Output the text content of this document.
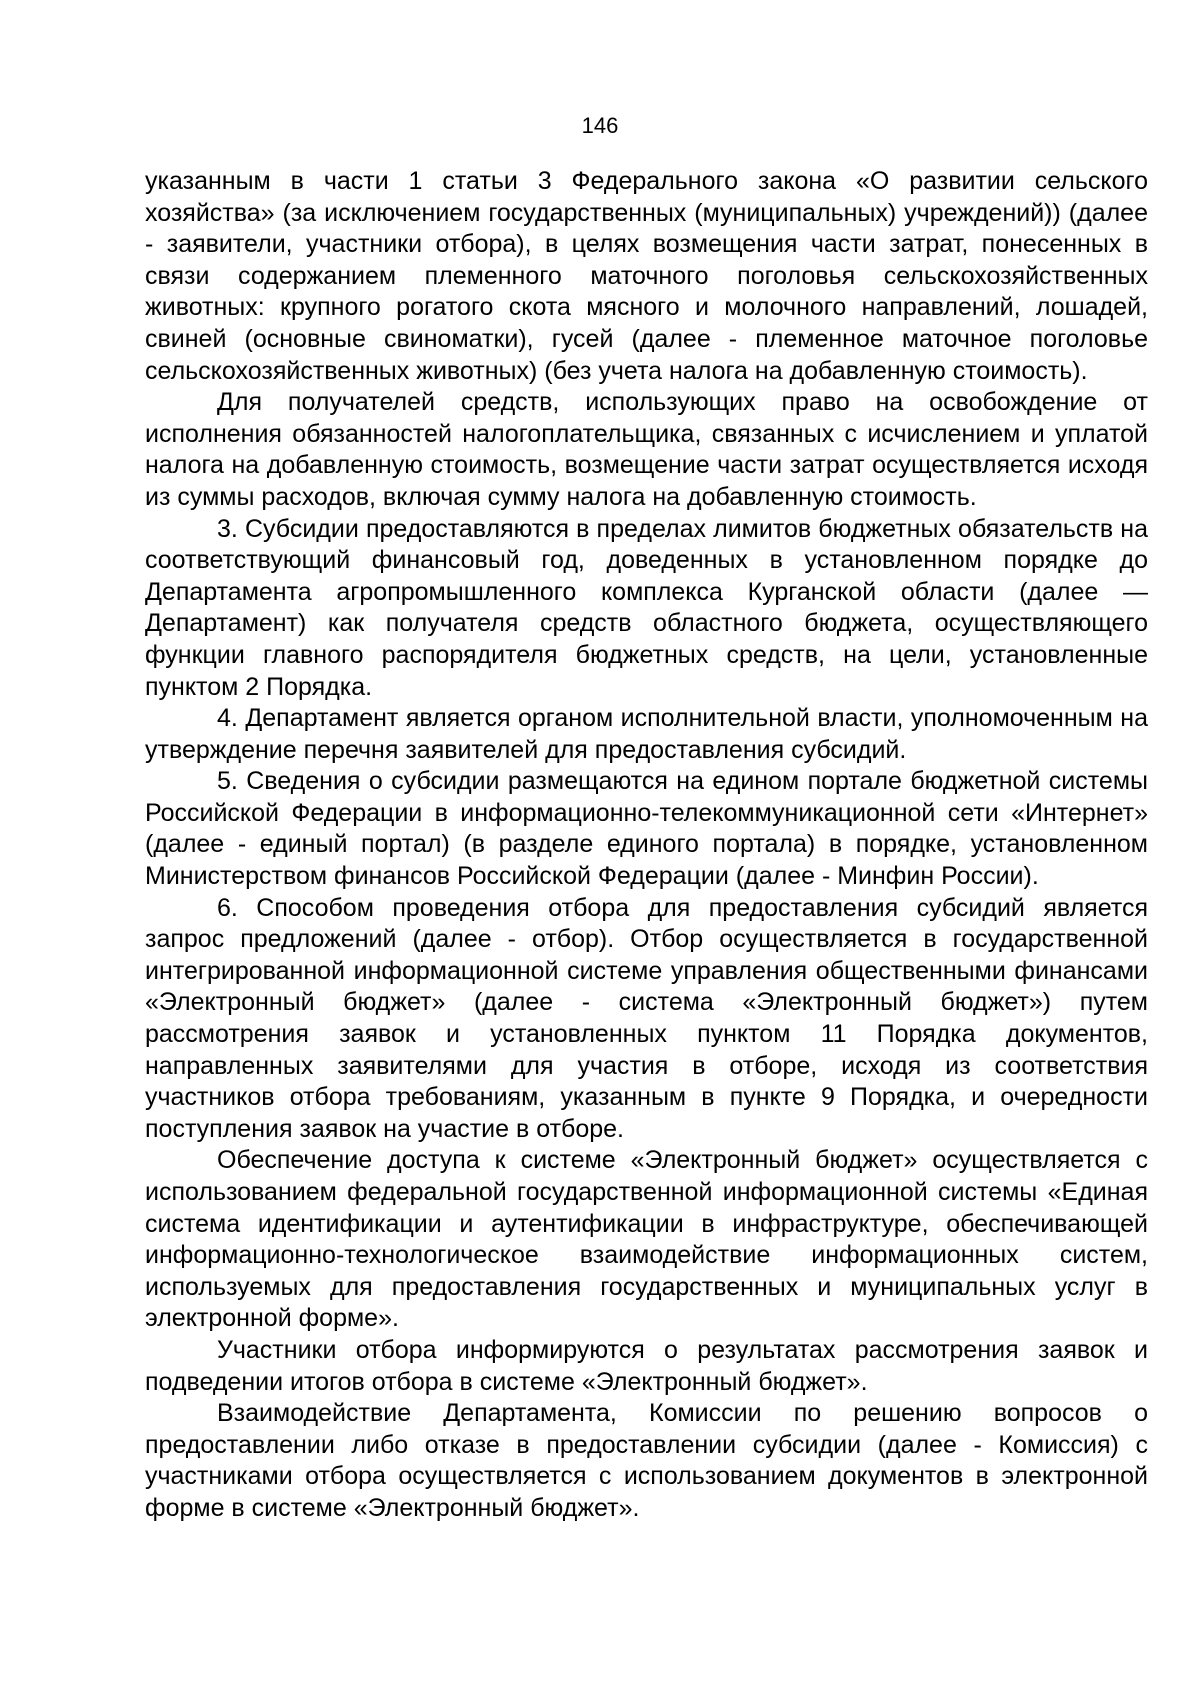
146

указанным в части 1 статьи 3 Федерального закона «О развитии сельского хозяйства» (за исключением государственных (муниципальных) учреждений)) (далее - заявители, участники отбора), в целях возмещения части затрат, понесенных в связи содержанием племенного маточного поголовья сельскохозяйственных животных: крупного рогатого скота мясного и молочного направлений, лошадей, свиней (основные свиноматки), гусей (далее - племенное маточное поголовье сельскохозяйственных животных) (без учета налога на добавленную стоимость).

Для получателей средств, использующих право на освобождение от исполнения обязанностей налогоплательщика, связанных с исчислением и уплатой налога на добавленную стоимость, возмещение части затрат осуществляется исходя из суммы расходов, включая сумму налога на добавленную стоимость.

3. Субсидии предоставляются в пределах лимитов бюджетных обязательств на соответствующий финансовый год, доведенных в установленном порядке до Департамента агропромышленного комплекса Курганской области (далее — Департамент) как получателя средств областного бюджета, осуществляющего функции главного распорядителя бюджетных средств, на цели, установленные пунктом 2 Порядка.

4. Департамент является органом исполнительной власти, уполномоченным на утверждение перечня заявителей для предоставления субсидий.

5. Сведения о субсидии размещаются на едином портале бюджетной системы Российской Федерации в информационно-телекоммуникационной сети «Интернет» (далее - единый портал) (в разделе единого портала) в порядке, установленном Министерством финансов Российской Федерации (далее - Минфин России).

6. Способом проведения отбора для предоставления субсидий является запрос предложений (далее - отбор). Отбор осуществляется в государственной интегрированной информационной системе управления общественными финансами «Электронный бюджет» (далее - система «Электронный бюджет») путем рассмотрения заявок и установленных пунктом 11 Порядка документов, направленных заявителями для участия в отборе, исходя из соответствия участников отбора требованиям, указанным в пункте 9 Порядка, и очередности поступления заявок на участие в отборе.

Обеспечение доступа к системе «Электронный бюджет» осуществляется с использованием федеральной государственной информационной системы «Единая система идентификации и аутентификации в инфраструктуре, обеспечивающей информационно-технологическое взаимодействие информационных систем, используемых для предоставления государственных и муниципальных услуг в электронной форме».

Участники отбора информируются о результатах рассмотрения заявок и подведении итогов отбора в системе «Электронный бюджет».

Взаимодействие Департамента, Комиссии по решению вопросов о предоставлении либо отказе в предоставлении субсидии (далее - Комиссия) с участниками отбора осуществляется с использованием документов в электронной форме в системе «Электронный бюджет».
